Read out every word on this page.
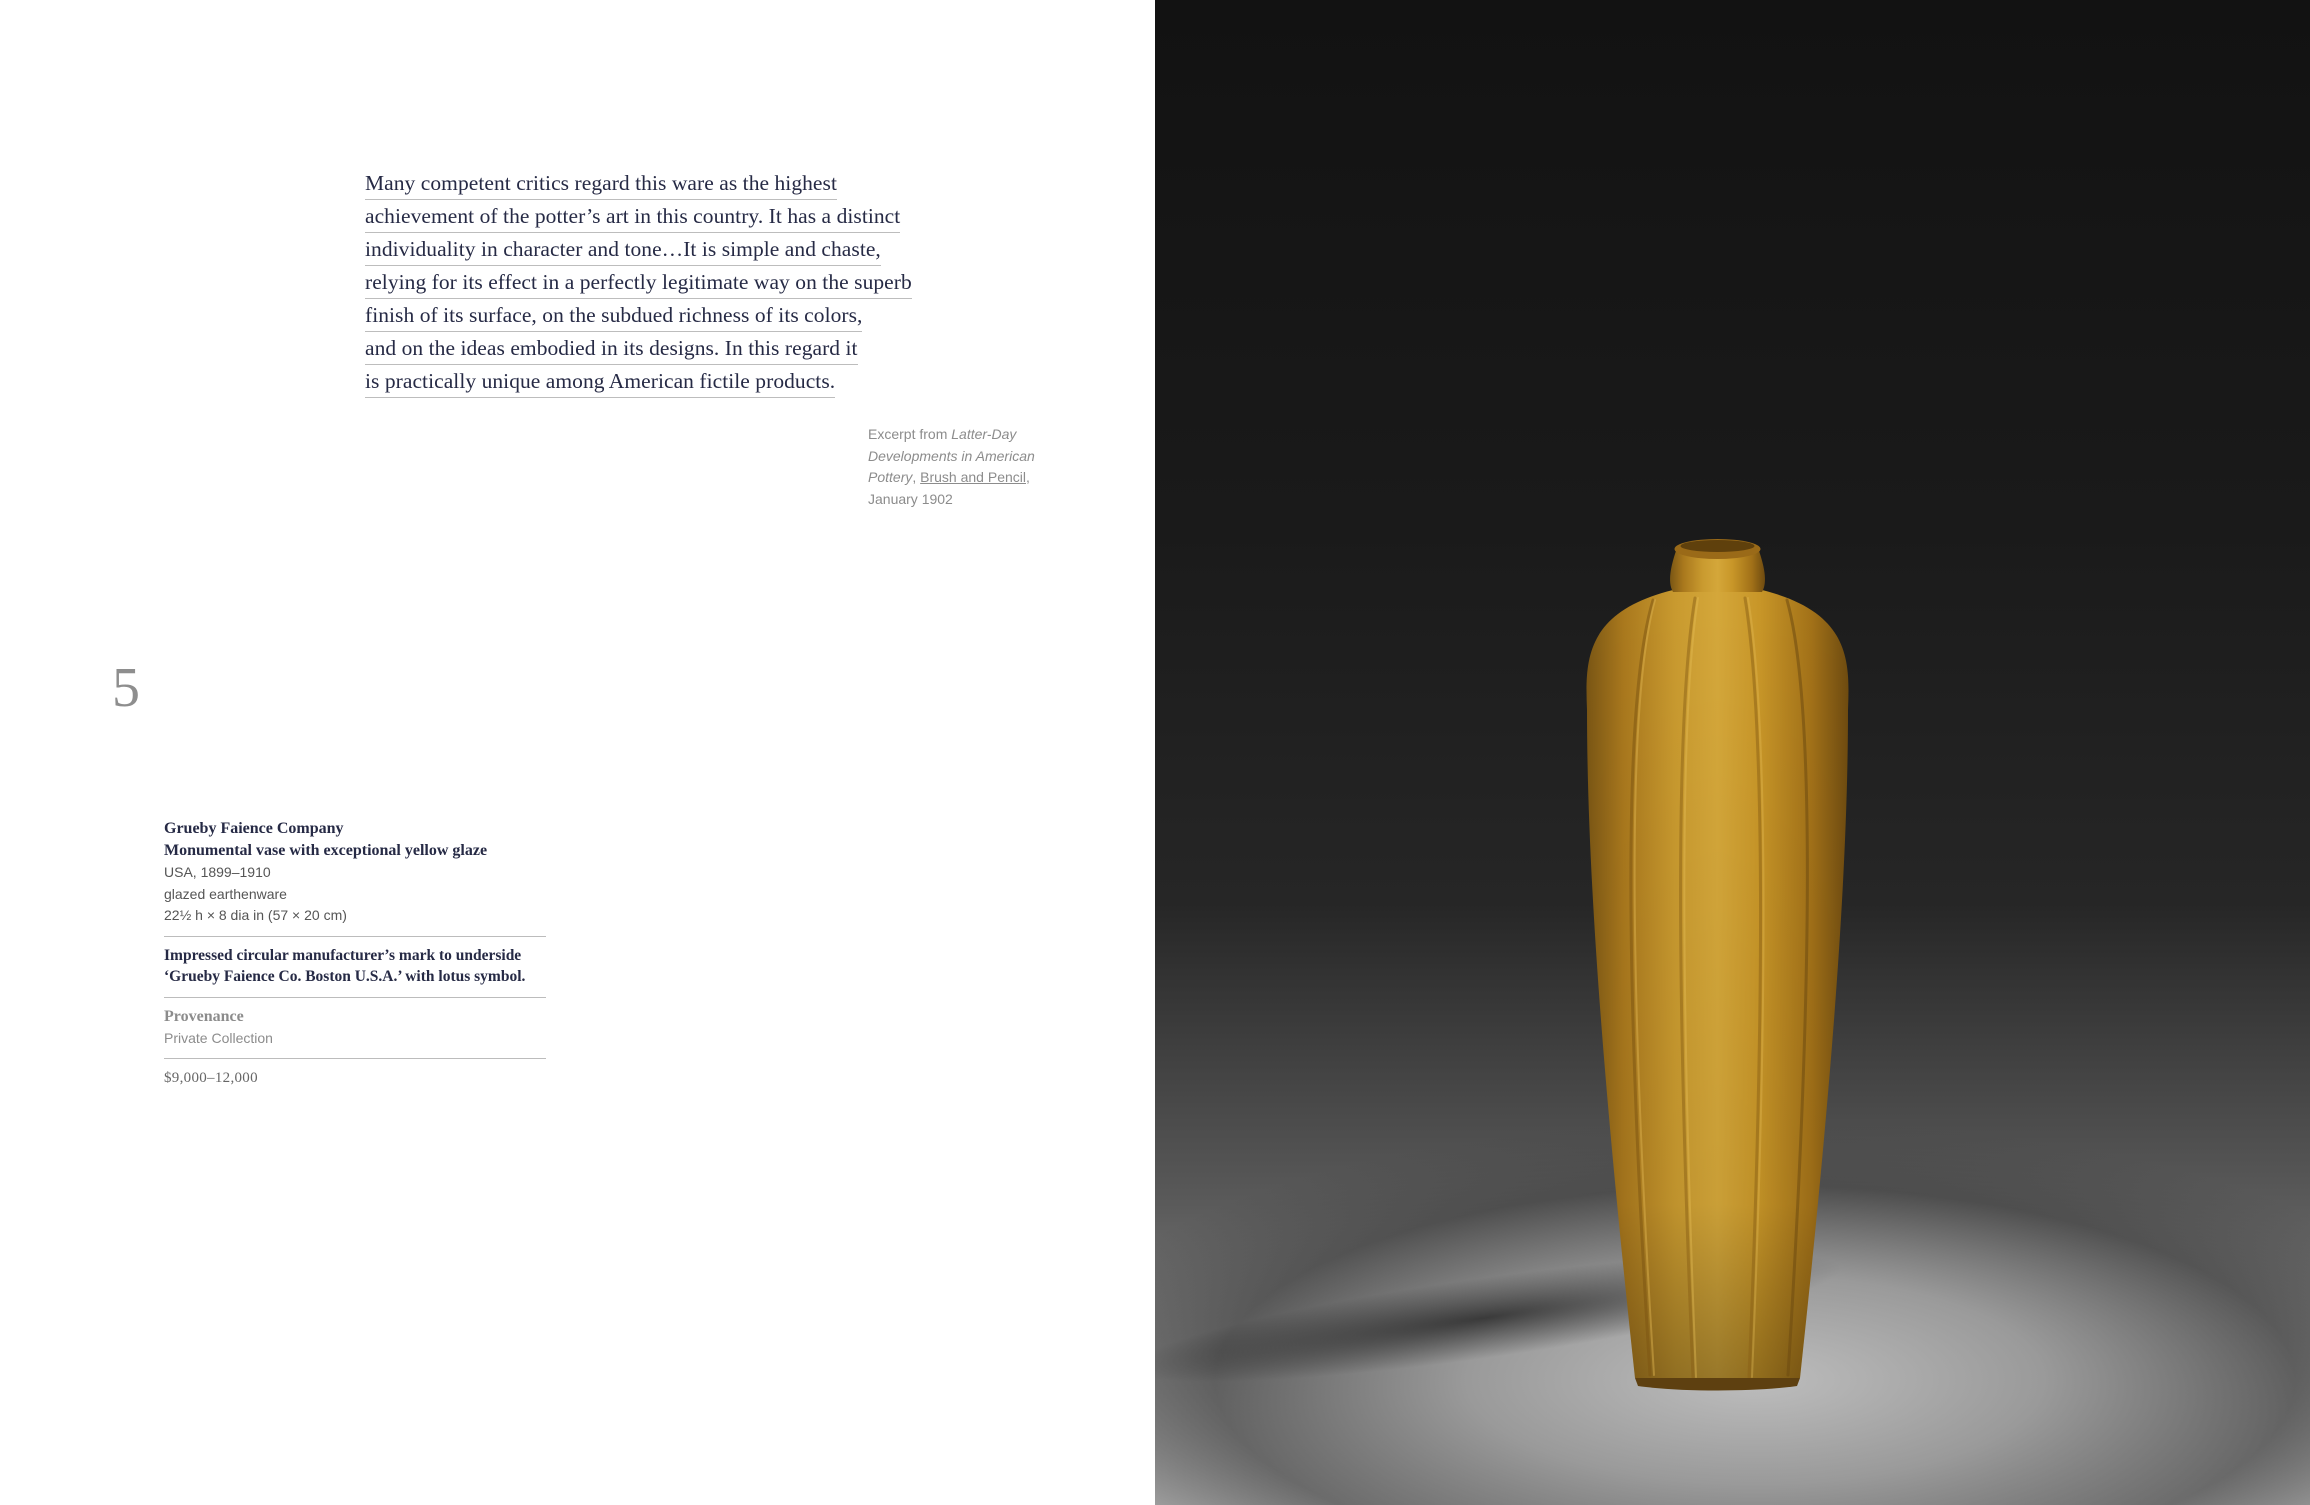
Many competent critics regard this ware as the highest
achievement of the potter’s art in this country. It has a distinct
individuality in character and tone…It is simple and chaste,
relying for its effect in a perfectly legitimate way on the superb
finish of its surface, on the subdued richness of its colors,
and on the ideas embodied in its designs. In this regard it
is practically unique among American fictile products.
Excerpt from Latter-Day Developments in American Pottery, Brush and Pencil,
January 1902
5
Grueby Faience Company
Monumental vase with exceptional yellow glaze
USA, 1899–1910
glazed earthenware
22½ h × 8 dia in (57 × 20 cm)
Impressed circular manufacturer’s mark to underside
‘Grueby Faience Co. Boston U.S.A.’ with lotus symbol.
Provenance
Private Collection
$9,000–12,000
